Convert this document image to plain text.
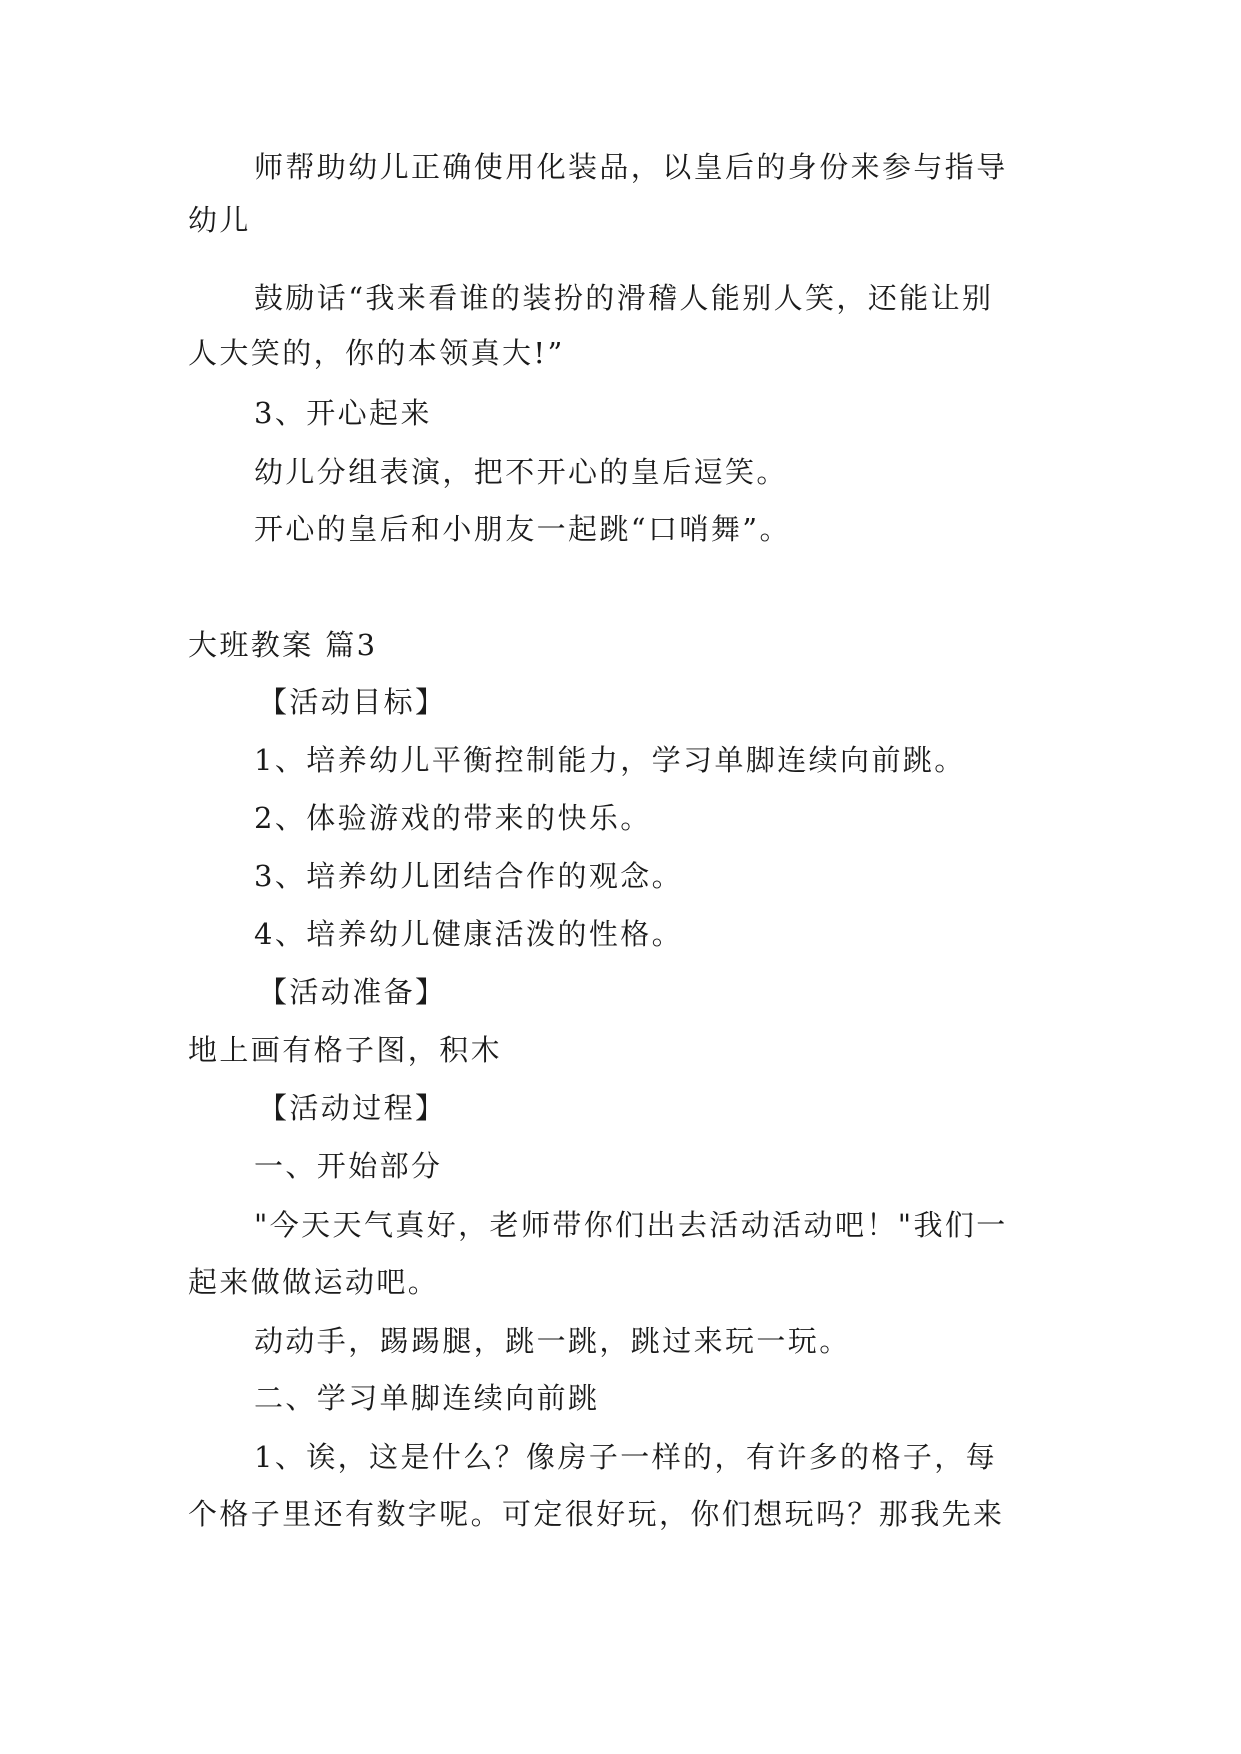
师帮助幼儿正确使用化装品，以皇后的身份来参与指导
幼儿
鼓励话“我来看谁的装扮的滑稽人能别人笑，还能让别
人大笑的，你的本领真大!”
3、开心起来
幼儿分组表演，把不开心的皇后逗笑。
开心的皇后和小朋友一起跳“口哨舞”。
大班教案 篇3
【活动目标】
1、培养幼儿平衡控制能力，学习单脚连续向前跳。
2、体验游戏的带来的快乐。
3、培养幼儿团结合作的观念。
4、培养幼儿健康活泼的性格。
【活动准备】
地上画有格子图，积木
【活动过程】
一、开始部分
"今天天气真好，老师带你们出去活动活动吧！"我们一
起来做做运动吧。
动动手，踢踢腿，跳一跳，跳过来玩一玩。
二、学习单脚连续向前跳
1、诶，这是什么？像房子一样的，有许多的格子，每
个格子里还有数字呢。可定很好玩，你们想玩吗？那我先来
